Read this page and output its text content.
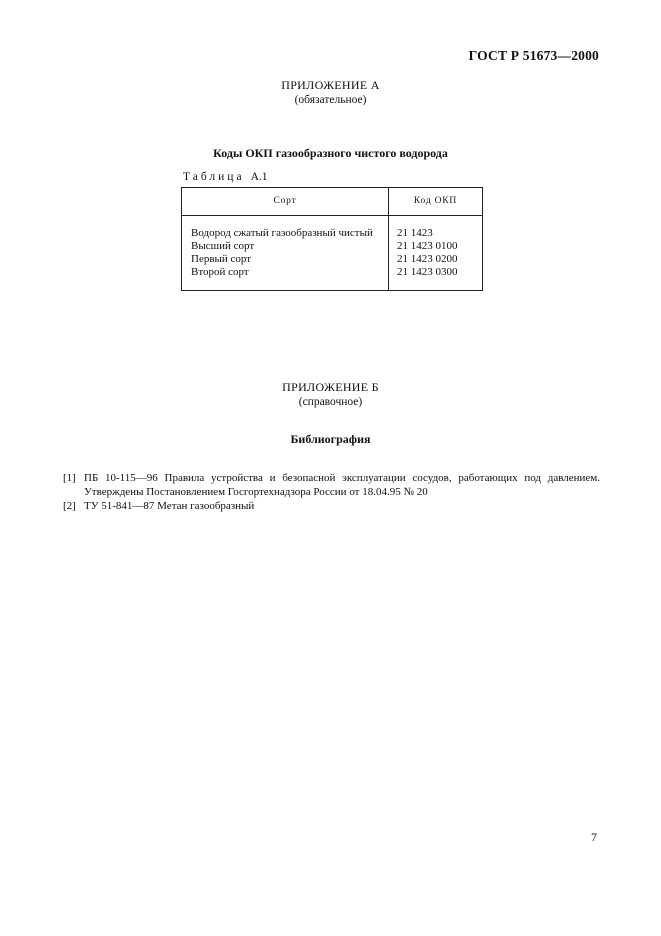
ГОСТ Р 51673—2000
ПРИЛОЖЕНИЕ А
(обязательное)
Коды ОКП газообразного чистого водорода
Таблица А.1
Сорт	Код ОКП
Водород сжатый газообразный чистый
Высший сорт
Первый сорт
Второй сорт
21 1423
21 1423 0100
21 1423 0200
21 1423 0300
ПРИЛОЖЕНИЕ Б
(справочное)
Библиография
[1] ПБ 10-115—96 Правила устройства и безопасной эксплуатации сосудов, работающих под давлением. Утверждены Постановлением Госгортехнадзора России от 18.04.95 № 20
[2] ТУ 51-841—87 Метан газообразный
7
